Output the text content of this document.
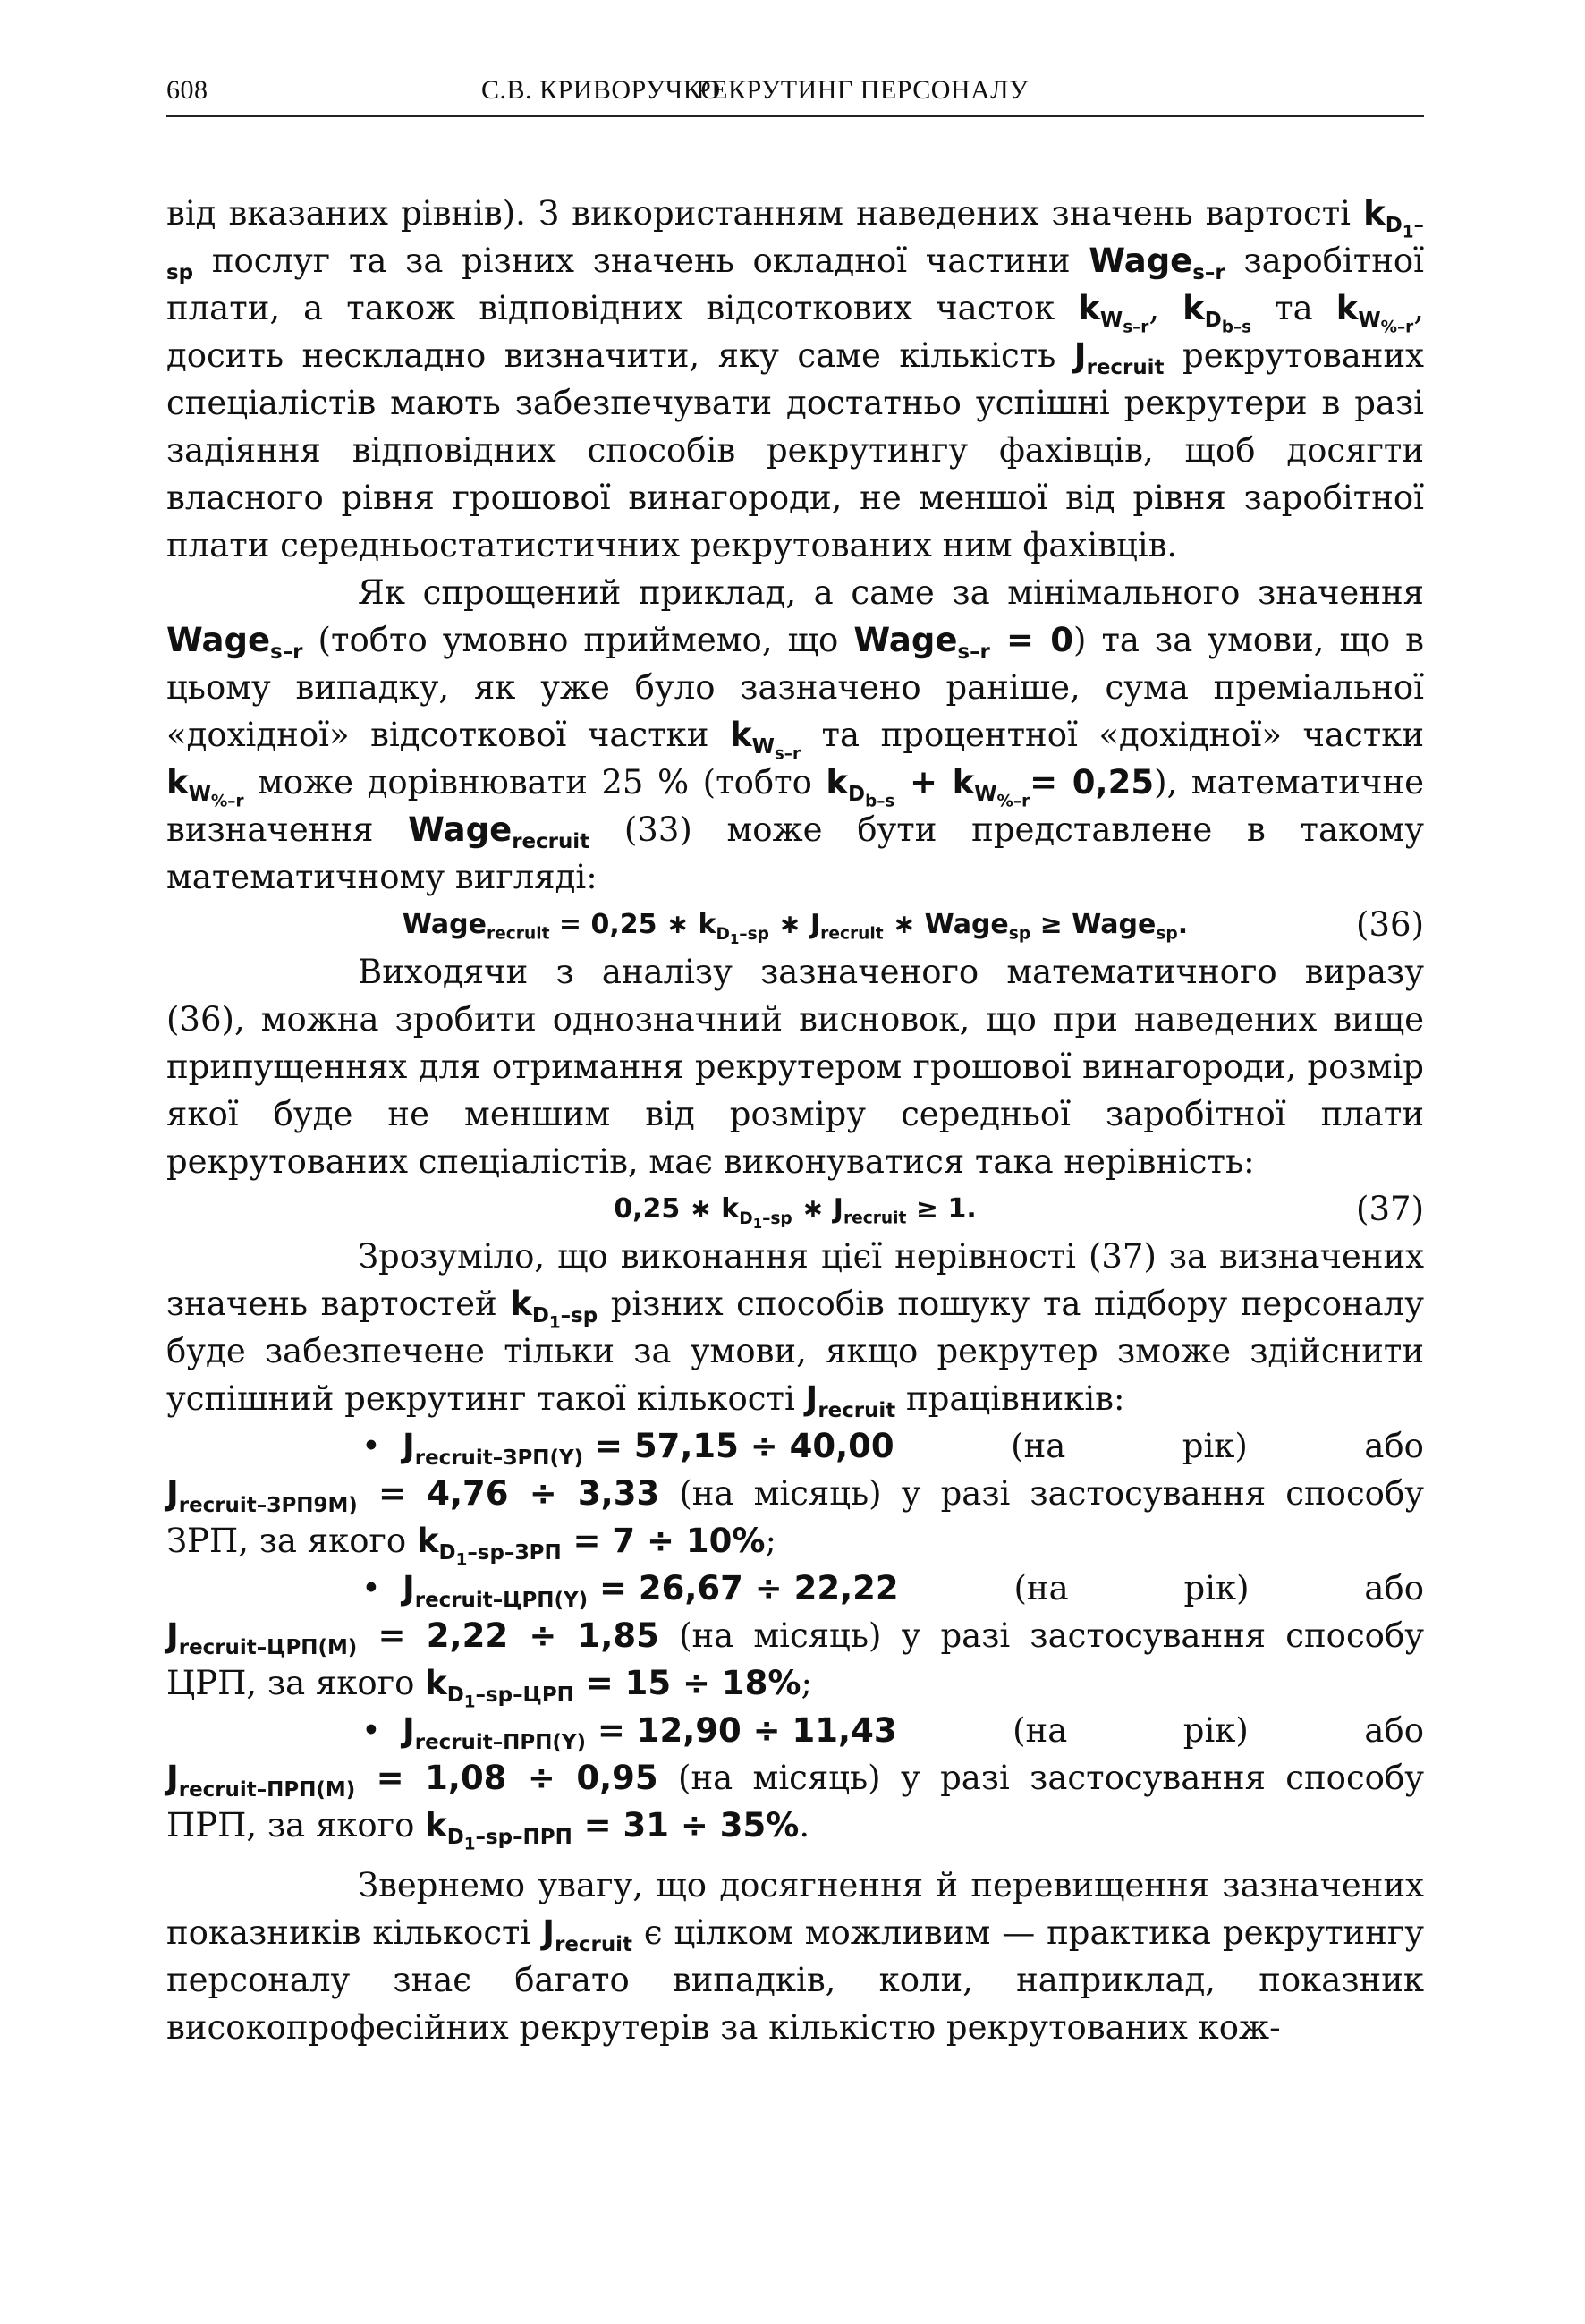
608	С.В. КРИВОРУЧКО
РЕКРУТИНГ ПЕРСОНАЛУ

від вказаних рівнів). З використанням наведених значень вартості $k_{D_1-sp}$ послуг та за різних значень окладної частини Wage$_{s-r}$ заробітної плати, а також відповідних відсоткових часток $k_{W_{s-r}}$, $k_{D_{b-s}}$ та $k_{W_{\%-r}}$, досить нескладно визначити, яку саме кількість $J_{recruit}$ рекрутованих спеціалістів мають забезпечувати достатньо успішні рекрутери в разі задіяння відповідних способів рекрутингу фахівців, щоб досягти власного рівня грошової винагороди, не меншої від рівня заробітної плати середньостатистичних рекрутованих ним фахівців.

Як спрощений приклад, а саме за мінімального значення Wage$_{s-r}$ (тобто умовно приймемо, що Wage$_{s-r}$ = 0) та за умови, що в цьому випадку, як уже було зазначено раніше, сума преміальної «дохідної» відсоткової частки $k_{W_{s-r}}$ та процентної «дохідної» частки $k_{W_{\%-r}}$ може дорівнювати 25 % (тобто $k_{D_{b-s}} + k_{W_{\%-r}}= 0,25$), математичне визначення Wage$_{recruit}$ (33) може бути представлене в такому математичному вигляді:

Wage$_{recruit}$ = 0,25 ∗ $k_{D_1-sp}$ ∗ $J_{recruit}$ ∗ Wage$_{sp}$ ≥ Wage$_{sp}$.	(36)

Виходячи з аналізу зазначеного математичного виразу (36), можна зробити однозначний висновок, що при наведених вище припущеннях для отримання рекрутером грошової винагороди, розмір якої буде не меншим від розміру середньої заробітної плати рекрутованих спеціалістів, має виконуватися така нерівність:

0,25 ∗ $k_{D_1-sp}$ ∗ $J_{recruit} \ge 1$.	(37)

Зрозуміло, що виконання цієї нерівності (37) за визначених значень вартостей $k_{D_1-sp}$ різних способів пошуку та підбору персоналу буде забезпечене тільки за умови, якщо рекрутер зможе здійснити успішний рекрутинг такої кількості $J_{recruit}$ працівників:

• $J_{recruit-ЗРП(Y)} = 57,15 \div 40,00$	(на	рік)	або

$J_{recruit-ЗРП9М)} = 4,76 \div 3,33$ (на місяць) у разі застосування способу ЗРП, за якого $k_{D_1-sp-ЗРП} = 7 \div 10\%$;

• $J_{recruit-ЦРП(Y)} = 26,67 \div 22,22$	(на	рік)	або

$J_{recruit-ЦРП(М)} = 2,22 \div 1,85$ (на місяць) у разі застосування способу ЦРП, за якого $k_{D_1-sp-ЦРП} = 15 \div 18\%$;

• $J_{recruit-ПРП(Y)} = 12,90 \div 11,43$	(на	рік)	або

$J_{recruit-ПРП(М)} = 1,08 \div 0,95$ (на місяць) у разі застосування способу ПРП, за якого $k_{D_1-sp-ПРП} = 31 \div 35\%$.

Звернемо увагу, що досягнення й перевищення зазначених показників кількості $J_{recruit}$ є цілком можливим — практика рекрутингу персоналу знає багато випадків, коли, наприклад, показник високопрофесійних рекрутерів за кількістю рекрутованих кож-
